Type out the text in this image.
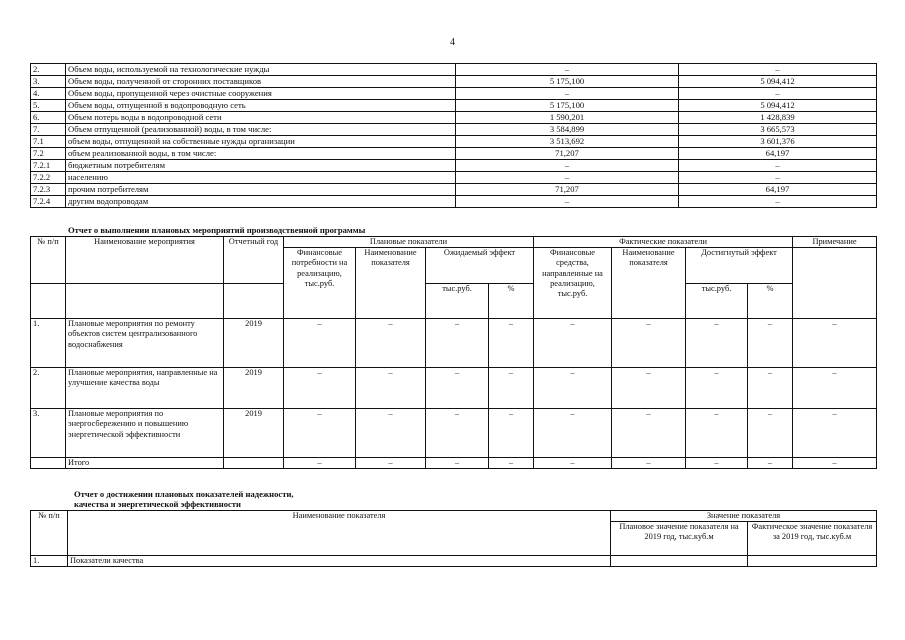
4
2.	Объем воды, используемой на технологические нужды	–	–
3.	Объем воды, полученной от сторонних поставщиков	5 175,100	5 094,412
4.	Объем воды, пропущенной через очистные сооружения	–	–
5.	Объем воды, отпущенной в водопроводную сеть	5 175,100	5 094,412
6.	Объем потерь воды в водопроводной сети	1 590,201	1 428,839
7.	Объем отпущенной (реализованной) воды, в том числе:	3 584,899	3 665,573
7.1	объем воды, отпущенной на собственные нужды организации	3 513,692	3 601,376
7.2	объем реализованной воды, в том числе:	71,207	64,197
7.2.1	бюджетным потребителям	–	–
7.2.2	населению	–	–
7.2.3	прочим потребителям	71,207	64,197
7.2.4	другим водопроводам	–	–
Отчет о выполнении плановых мероприятий производственной программы
№ п/п	Наименование мероприятия	Отчетный год	Плановые показатели				Фактические показатели				Примечание
			Финансовые потребности на реализацию, тыс.руб.	Наименование показателя	Ожидаемый эффект		Финансовые средства, направленные на реализацию, тыс.руб.	Наименование показателя	Достигнутый эффект		
					тыс.руб.	%			тыс.руб.	%	
1.	Плановые мероприятия по ремонту объектов систем централизованного водоснабжения	2019	–	–	–	–	–	–	–	–	–
2.	Плановые мероприятия, направленные на улучшение качества воды	2019	–	–	–	–	–	–	–	–	–
3.	Плановые мероприятия по энергосбережению и повышению энергетической эффективности	2019	–	–	–	–	–	–	–	–	–
	Итого		–	–	–	–	–	–	–	–	–
Отчет о достижении плановых показателей надежности,
качества и энергетической эффективности
№ п/п	Наименование показателя	Значение показателя	
		Плановое значение показателя на 2019 год, тыс.куб.м	Фактическое значение показателя за 2019 год, тыс.куб.м
1.	Показатели качества		
